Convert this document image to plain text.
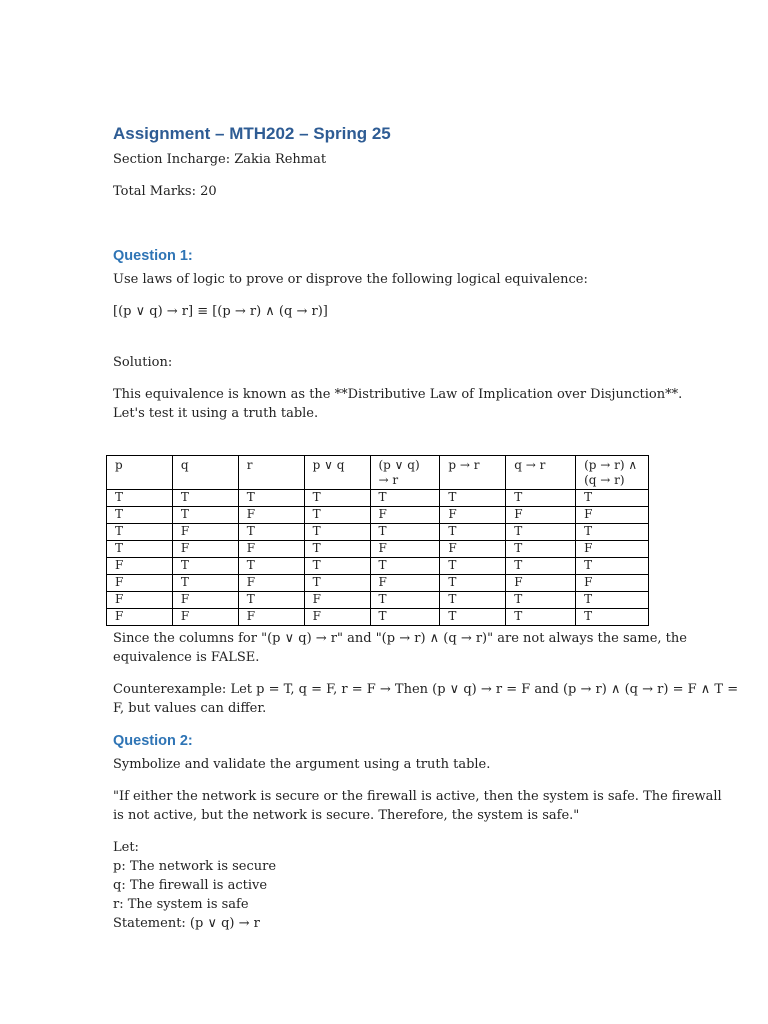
Assignment – MTH202 – Spring 25
Section Incharge: Zakia Rehmat
Total Marks: 20
Question 1:
Use laws of logic to prove or disprove the following logical equivalence:
[(p ∨ q) → r] ≡ [(p → r) ∧ (q → r)]
Solution:
This equivalence is known as the **Distributive Law of Implication over Disjunction**.
Let's test it using a truth table.
p	q	r	p ∨ q	(p ∨ q) → r	p → r	q → r	(p → r) ∧ (q → r)
T	T	T	T	T	T	T	T
T	T	F	T	F	F	F	F
T	F	T	T	T	T	T	T
T	F	F	T	F	F	T	F
F	T	T	T	T	T	T	T
F	T	F	T	F	T	F	F
F	F	T	F	T	T	T	T
F	F	F	F	T	T	T	T
Since the columns for "(p ∨ q) → r" and "(p → r) ∧ (q → r)" are not always the same, the
equivalence is FALSE.
Counterexample: Let p = T, q = F, r = F → Then (p ∨ q) → r = F and (p → r) ∧ (q → r) = F ∧ T =
F, but values can differ.
Question 2:
Symbolize and validate the argument using a truth table.
"If either the network is secure or the firewall is active, then the system is safe. The firewall
is not active, but the network is secure. Therefore, the system is safe."
Let:
p: The network is secure
q: The firewall is active
r: The system is safe
Statement: (p ∨ q) → r
